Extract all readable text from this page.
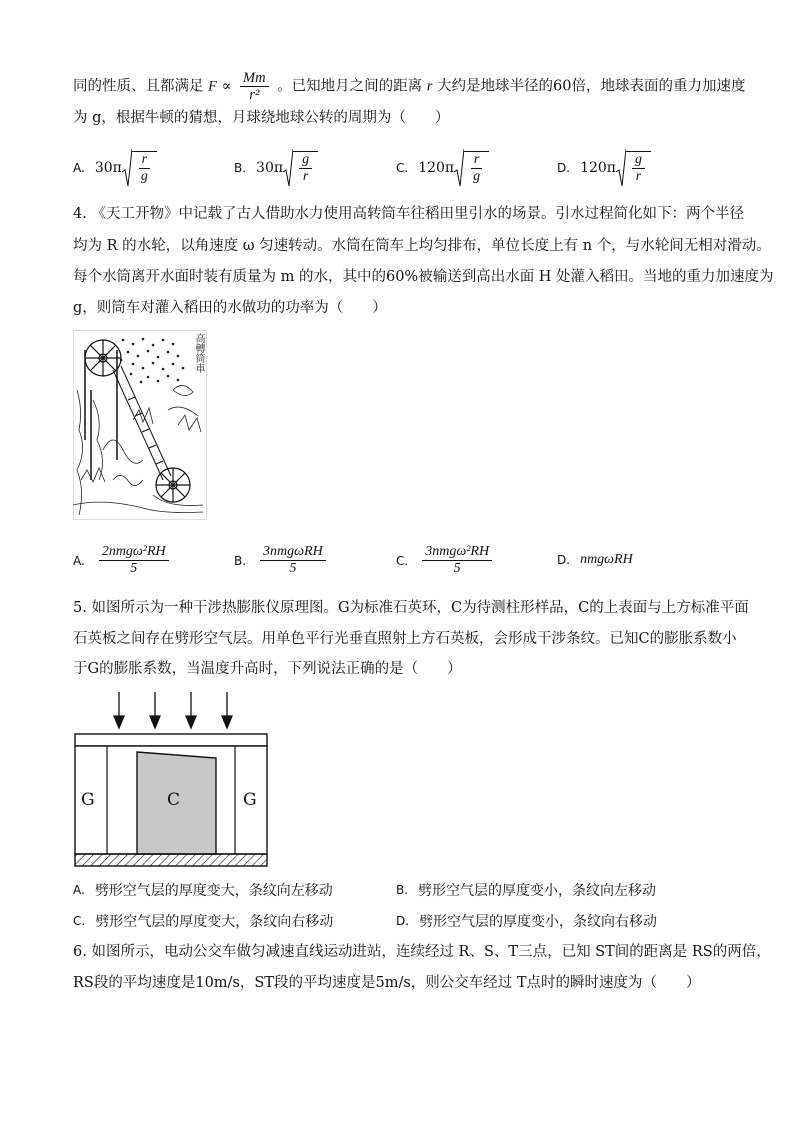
同的性质、且都满足 $F \propto \frac{Mm}{\text{r²}}$ 。已知地月之间的距离 r 大约是地球半径的60倍，地球表面的重力加速度
为 g，根据牛顿的猜想，月球绕地球公转的周期为（　　）
A. $30\pi \frac{r}{g}$	B. $30\pi \frac{g}{r}$	C. $120\pi \frac{r}{g}$	D. $120\pi \frac{g}{r}$
4. 《天工开物》中记载了古人借助水力使用高转筒车往稻田里引水的场景。引水过程简化如下：两个半径
均为 R 的水轮，以角速度 ω 匀速转动。水筒在筒车上均匀排布，单位长度上有 n 个，与水轮间无相对滑动。
每个水筒离开水面时装有质量为 m 的水，其中的60%被输送到高出水面 H 处灌入稻田。当地的重力加速度为
g，则筒车对灌入稻田的水做功的功率为（　　）
高轉筒車
A. $\frac{\text{2nmgω²RH}}{5}$	B. $\frac{\text{3nmgωRH}}{5}$	C. $\frac{\text{3nmgω²RH}}{5}$	D. nmgωRH
5. 如图所示为一种干涉热膨胀仪原理图。G为标准石英环，C为待测柱形样品，C的上表面与上方标准平面
石英板之间存在劈形空气层。用单色平行光垂直照射上方石英板，会形成干涉条纹。已知C的膨胀系数小
于G的膨胀系数，当温度升高时，下列说法正确的是（　　）
G	C	G
A. 劈形空气层的厚度变大，条纹向左移动	B. 劈形空气层的厚度变小，条纹向左移动
C. 劈形空气层的厚度变大，条纹向右移动	D. 劈形空气层的厚度变小，条纹向右移动
6. 如图所示，电动公交车做匀减速直线运动进站，连续经过 R、S、T三点，已知 ST间的距离是 RS的两倍，
RS段的平均速度是10m/s，ST段的平均速度是5m/s，则公交车经过 T点时的瞬时速度为（　　）
